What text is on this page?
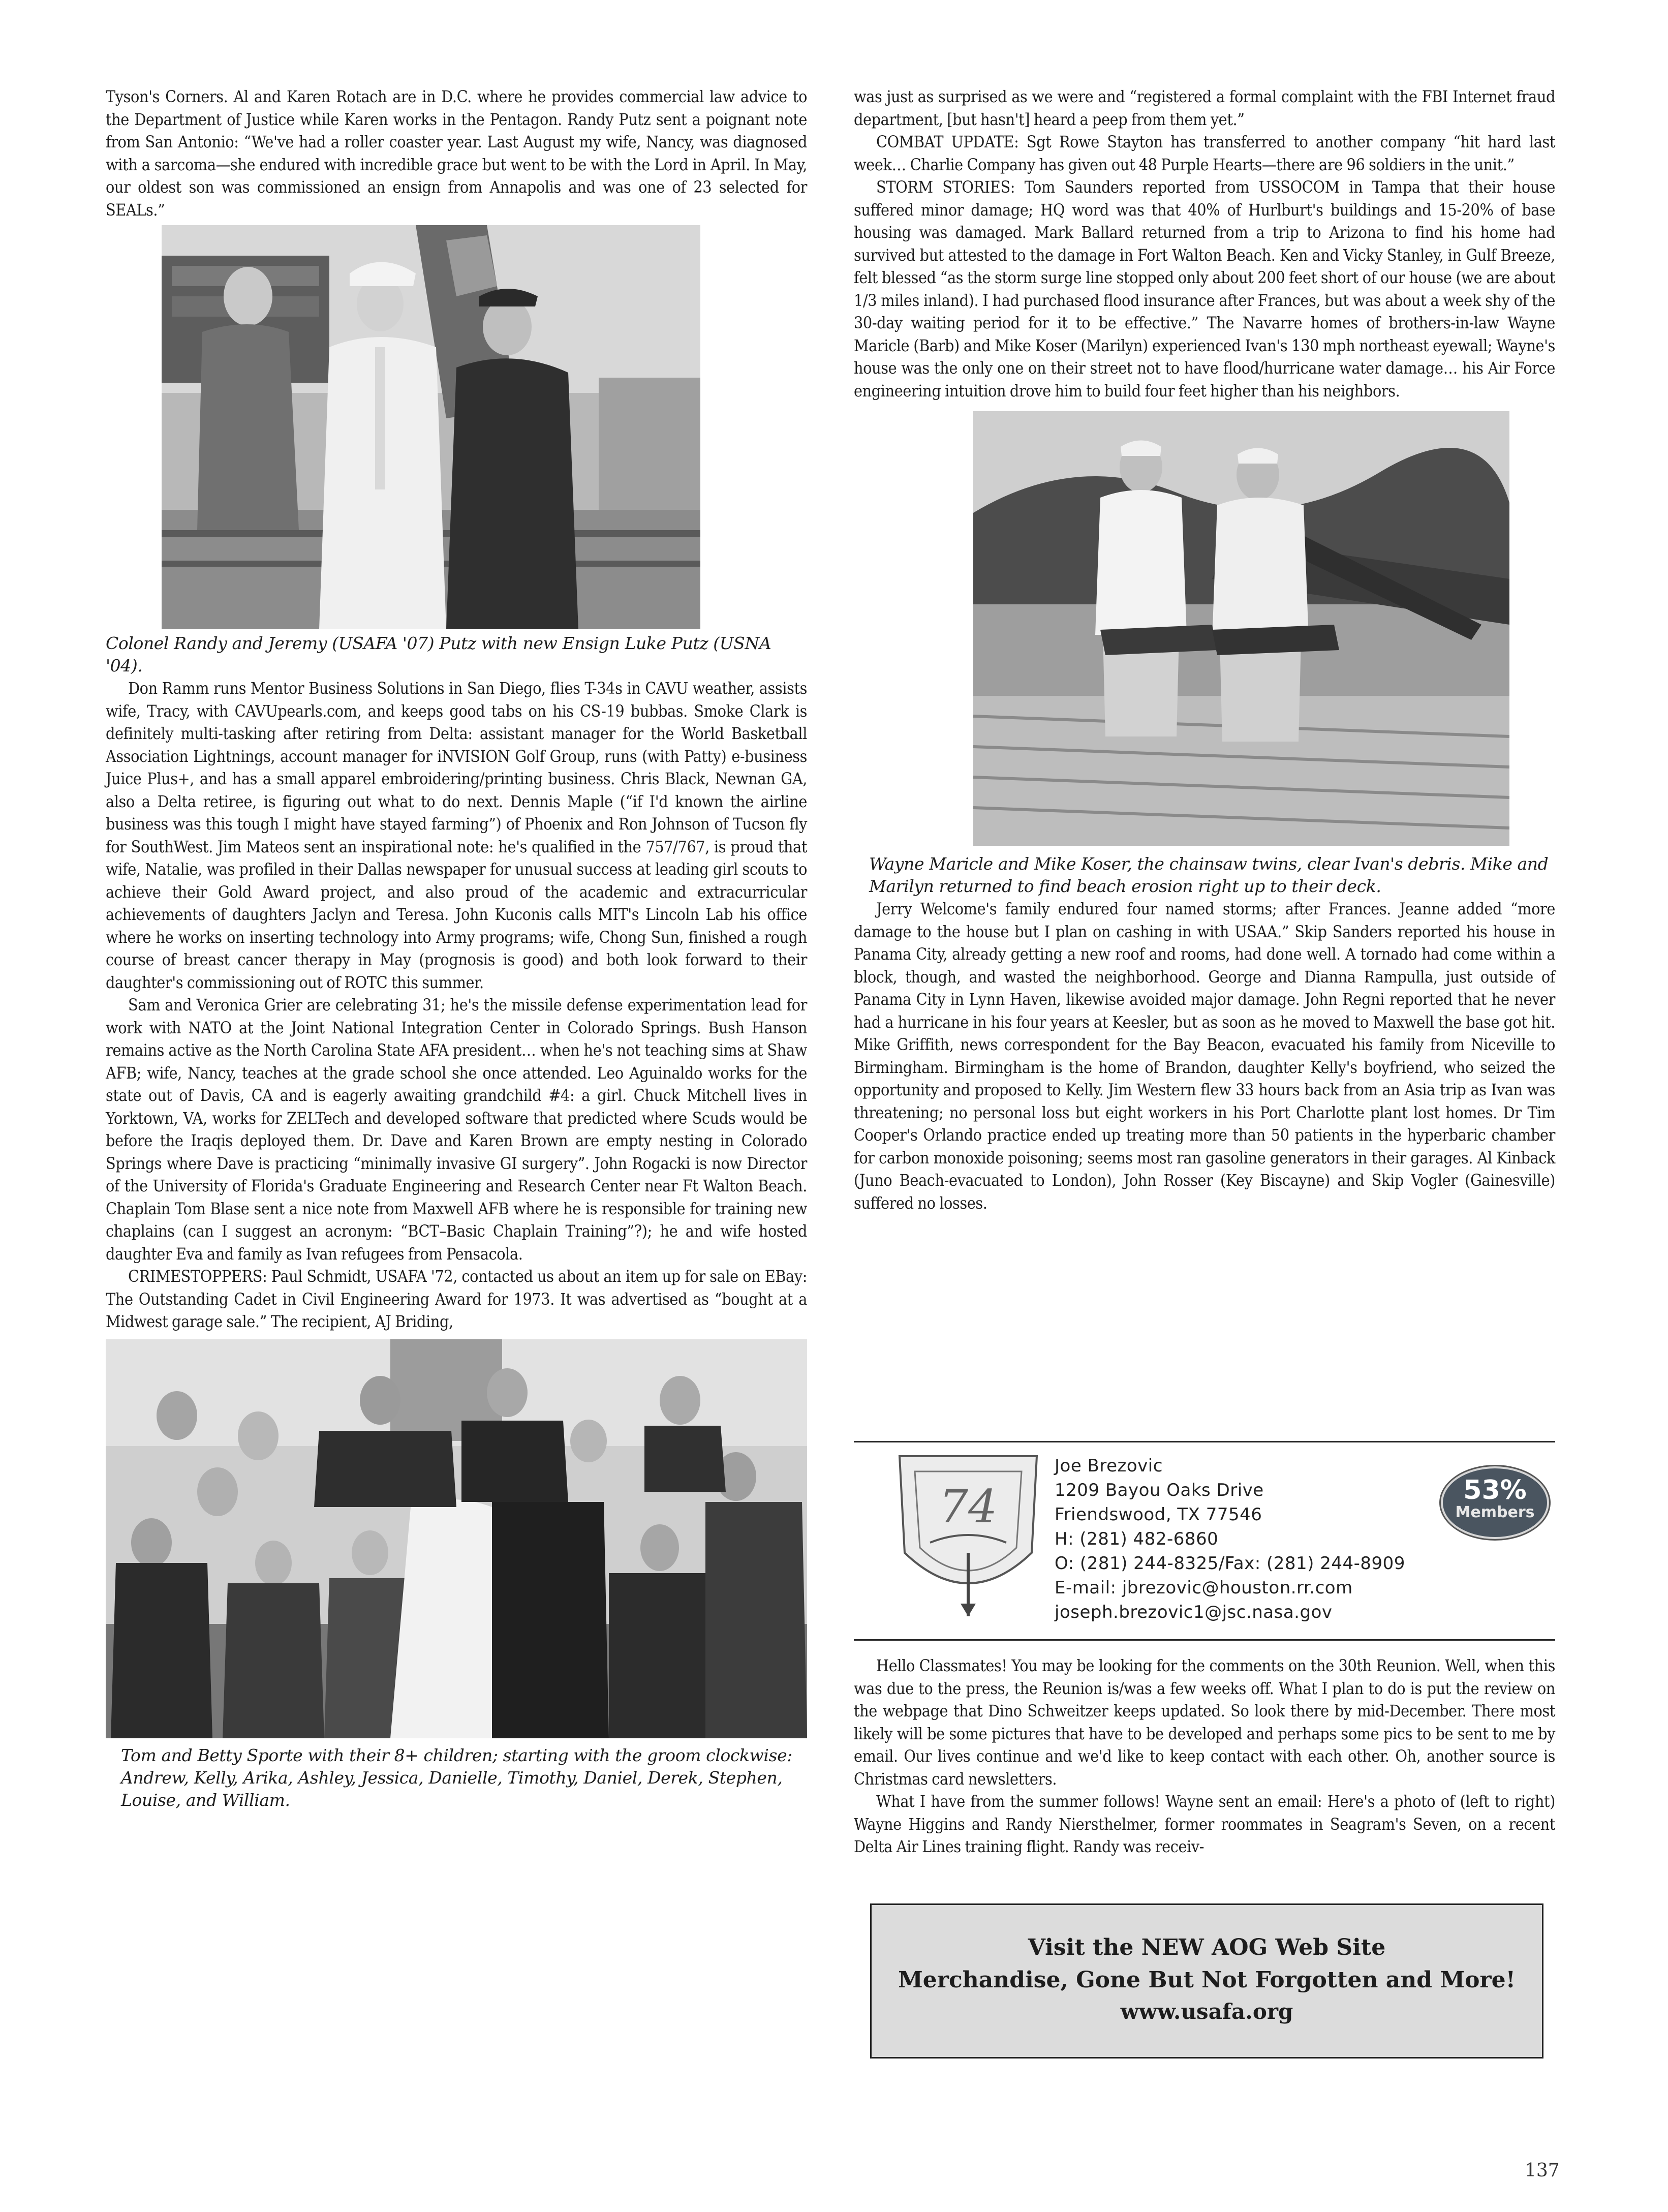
Tyson's Corners. Al and Karen Rotach are in D.C. where he provides commercial law advice to the Department of Justice while Karen works in the Pentagon. Randy Putz sent a poignant note from San Antonio: “We've had a roller coaster year. Last August my wife, Nancy, was diagnosed with a sarcoma—she endured with incredible grace but went to be with the Lord in April. In May, our oldest son was commissioned an ensign from Annapolis and was one of 23 selected for SEALs.”

Colonel Randy and Jeremy (USAFA '07) Putz with new Ensign Luke Putz (USNA '04).

Don Ramm runs Mentor Business Solutions in San Diego, flies T-34s in CAVU weather, assists wife, Tracy, with CAVUpearls.com, and keeps good tabs on his CS-19 bubbas. Smoke Clark is definitely multi-tasking after retiring from Delta: assistant manager for the World Basketball Association Lightnings, account manager for iNVISION Golf Group, runs (with Patty) e-business Juice Plus+, and has a small apparel embroidering/printing business. Chris Black, Newnan GA, also a Delta retiree, is figuring out what to do next. Dennis Maple (“if I'd known the airline business was this tough I might have stayed farming”) of Phoenix and Ron Johnson of Tucson fly for SouthWest. Jim Mateos sent an inspirational note: he's qualified in the 757/767, is proud that wife, Natalie, was profiled in their Dallas newspaper for unusual success at leading girl scouts to achieve their Gold Award project, and also proud of the academic and extracurricular achievements of daughters Jaclyn and Teresa. John Kuconis calls MIT's Lincoln Lab his office where he works on inserting technology into Army programs; wife, Chong Sun, finished a rough course of breast cancer therapy in May (prognosis is good) and both look forward to their daughter's commissioning out of ROTC this summer.

Sam and Veronica Grier are celebrating 31; he's the missile defense experimentation lead for work with NATO at the Joint National Integration Center in Colorado Springs. Bush Hanson remains active as the North Carolina State AFA president… when he's not teaching sims at Shaw AFB; wife, Nancy, teaches at the grade school she once attended. Leo Aguinaldo works for the state out of Davis, CA and is eagerly awaiting grandchild #4: a girl. Chuck Mitchell lives in Yorktown, VA, works for ZELTech and developed software that predicted where Scuds would be before the Iraqis deployed them. Dr. Dave and Karen Brown are empty nesting in Colorado Springs where Dave is practicing “minimally invasive GI surgery”. John Rogacki is now Director of the University of Florida's Graduate Engineering and Research Center near Ft Walton Beach. Chaplain Tom Blase sent a nice note from Maxwell AFB where he is responsible for training new chaplains (can I suggest an acronym: “BCT–Basic Chaplain Training”?); he and wife hosted daughter Eva and family as Ivan refugees from Pensacola.

CRIMESTOPPERS: Paul Schmidt, USAFA '72, contacted us about an item up for sale on EBay: The Outstanding Cadet in Civil Engineering Award for 1973. It was advertised as “bought at a Midwest garage sale.” The recipient, AJ Briding,

Tom and Betty Sporte with their 8+ children; starting with the groom clockwise: Andrew, Kelly, Arika, Ashley, Jessica, Danielle, Timothy, Daniel, Derek, Stephen, Louise, and William.

was just as surprised as we were and “registered a formal complaint with the FBI Internet fraud department, [but hasn't] heard a peep from them yet.”

COMBAT UPDATE: Sgt Rowe Stayton has transferred to another company “hit hard last week… Charlie Company has given out 48 Purple Hearts—there are 96 soldiers in the unit.”

STORM STORIES: Tom Saunders reported from USSOCOM in Tampa that their house suffered minor damage; HQ word was that 40% of Hurlburt's buildings and 15-20% of base housing was damaged. Mark Ballard returned from a trip to Arizona to find his home had survived but attested to the damage in Fort Walton Beach. Ken and Vicky Stanley, in Gulf Breeze, felt blessed “as the storm surge line stopped only about 200 feet short of our house (we are about 1/3 miles inland). I had purchased flood insurance after Frances, but was about a week shy of the 30-day waiting period for it to be effective.” The Navarre homes of brothers-in-law Wayne Maricle (Barb) and Mike Koser (Marilyn) experienced Ivan's 130 mph northeast eyewall; Wayne's house was the only one on their street not to have flood/hurricane water damage… his Air Force engineering intuition drove him to build four feet higher than his neighbors.

Wayne Maricle and Mike Koser, the chainsaw twins, clear Ivan's debris. Mike and Marilyn returned to find beach erosion right up to their deck.

Jerry Welcome's family endured four named storms; after Frances. Jeanne added “more damage to the house but I plan on cashing in with USAA.” Skip Sanders reported his house in Panama City, already getting a new roof and rooms, had done well. A tornado had come within a block, though, and wasted the neighborhood. George and Dianna Rampulla, just outside of Panama City in Lynn Haven, likewise avoided major damage. John Regni reported that he never had a hurricane in his four years at Keesler, but as soon as he moved to Maxwell the base got hit. Mike Griffith, news correspondent for the Bay Beacon, evacuated his family from Niceville to Birmingham. Birmingham is the home of Brandon, daughter Kelly's boyfriend, who seized the opportunity and proposed to Kelly. Jim Western flew 33 hours back from an Asia trip as Ivan was threatening; no personal loss but eight workers in his Port Charlotte plant lost homes. Dr Tim Cooper's Orlando practice ended up treating more than 50 patients in the hyperbaric chamber for carbon monoxide poisoning; seems most ran gasoline generators in their garages. Al Kinback (Juno Beach-evacuated to London), John Rosser (Key Biscayne) and Skip Vogler (Gainesville) suffered no losses.

74
Joe Brezovic
1209 Bayou Oaks Drive
Friendswood, TX 77546
H: (281) 482-6860
O: (281) 244-8325/Fax: (281) 244-8909
E-mail: jbrezovic@houston.rr.com
joseph.brezovic1@jsc.nasa.gov
53%
Members

Hello Classmates! You may be looking for the comments on the 30th Reunion. Well, when this was due to the press, the Reunion is/was a few weeks off. What I plan to do is put the review on the webpage that Dino Schweitzer keeps updated. So look there by mid-December. There most likely will be some pictures that have to be developed and perhaps some pics to be sent to me by email. Our lives continue and we'd like to keep contact with each other. Oh, another source is Christmas card newsletters.

What I have from the summer follows! Wayne sent an email: Here's a photo of (left to right) Wayne Higgins and Randy Niersthelmer, former roommates in Seagram's Seven, on a recent Delta Air Lines training flight. Randy was receiv-

Visit the NEW AOG Web Site
Merchandise, Gone But Not Forgotten and More!
www.usafa.org
137
